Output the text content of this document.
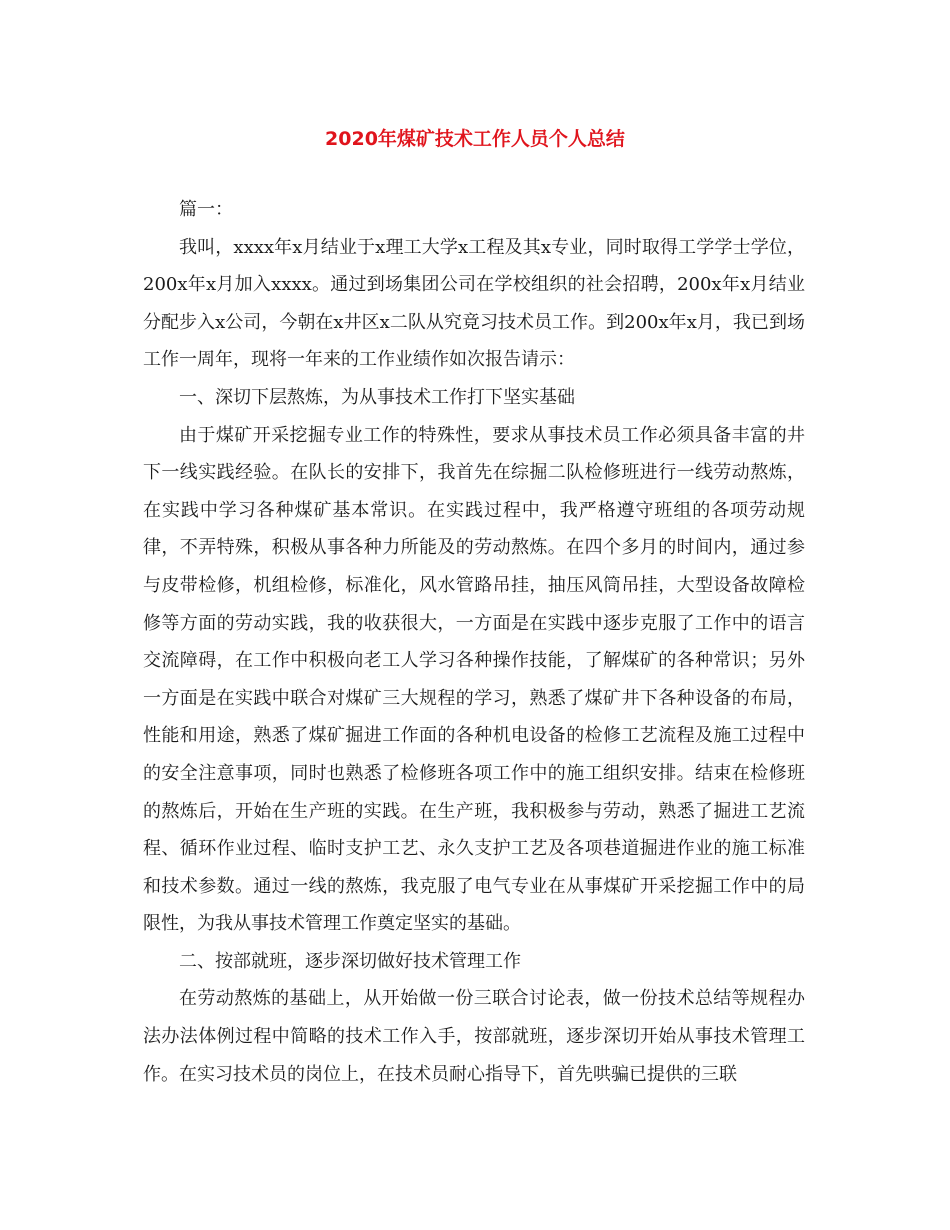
2020年煤矿技术工作人员个人总结

篇一：

我叫，xxxx年x月结业于x理工大学x工程及其x专业，同时取得工学学士学位，200x年x月加入xxxx。通过到场集团公司在学校组织的社会招聘，200x年x月结业分配步入x公司，今朝在x井区x二队从究竟习技术员工作。到200x年x月，我已到场工作一周年，现将一年来的工作业绩作如次报告请示：

一、深切下层熬炼，为从事技术工作打下坚实基础

由于煤矿开采挖掘专业工作的特殊性，要求从事技术员工作必须具备丰富的井下一线实践经验。在队长的安排下，我首先在综掘二队检修班进行一线劳动熬炼，在实践中学习各种煤矿基本常识。在实践过程中，我严格遵守班组的各项劳动规律，不弄特殊，积极从事各种力所能及的劳动熬炼。在四个多月的时间内，通过参与皮带检修，机组检修，标准化，风水管路吊挂，抽压风筒吊挂，大型设备故障检修等方面的劳动实践，我的收获很大，一方面是在实践中逐步克服了工作中的语言交流障碍，在工作中积极向老工人学习各种操作技能，了解煤矿的各种常识；另外一方面是在实践中联合对煤矿三大规程的学习，熟悉了煤矿井下各种设备的布局，性能和用途，熟悉了煤矿掘进工作面的各种机电设备的检修工艺流程及施工过程中的安全注意事项，同时也熟悉了检修班各项工作中的施工组织安排。结束在检修班的熬炼后，开始在生产班的实践。在生产班，我积极参与劳动，熟悉了掘进工艺流程、循环作业过程、临时支护工艺、永久支护工艺及各项巷道掘进作业的施工标准和技术参数。通过一线的熬炼，我克服了电气专业在从事煤矿开采挖掘工作中的局限性，为我从事技术管理工作奠定坚实的基础。

二、按部就班，逐步深切做好技术管理工作

在劳动熬炼的基础上，从开始做一份三联合讨论表，做一份技术总结等规程办法办法体例过程中简略的技术工作入手，按部就班，逐步深切开始从事技术管理工作。在实习技术员的岗位上，在技术员耐心指导下，首先哄骗已提供的三联
